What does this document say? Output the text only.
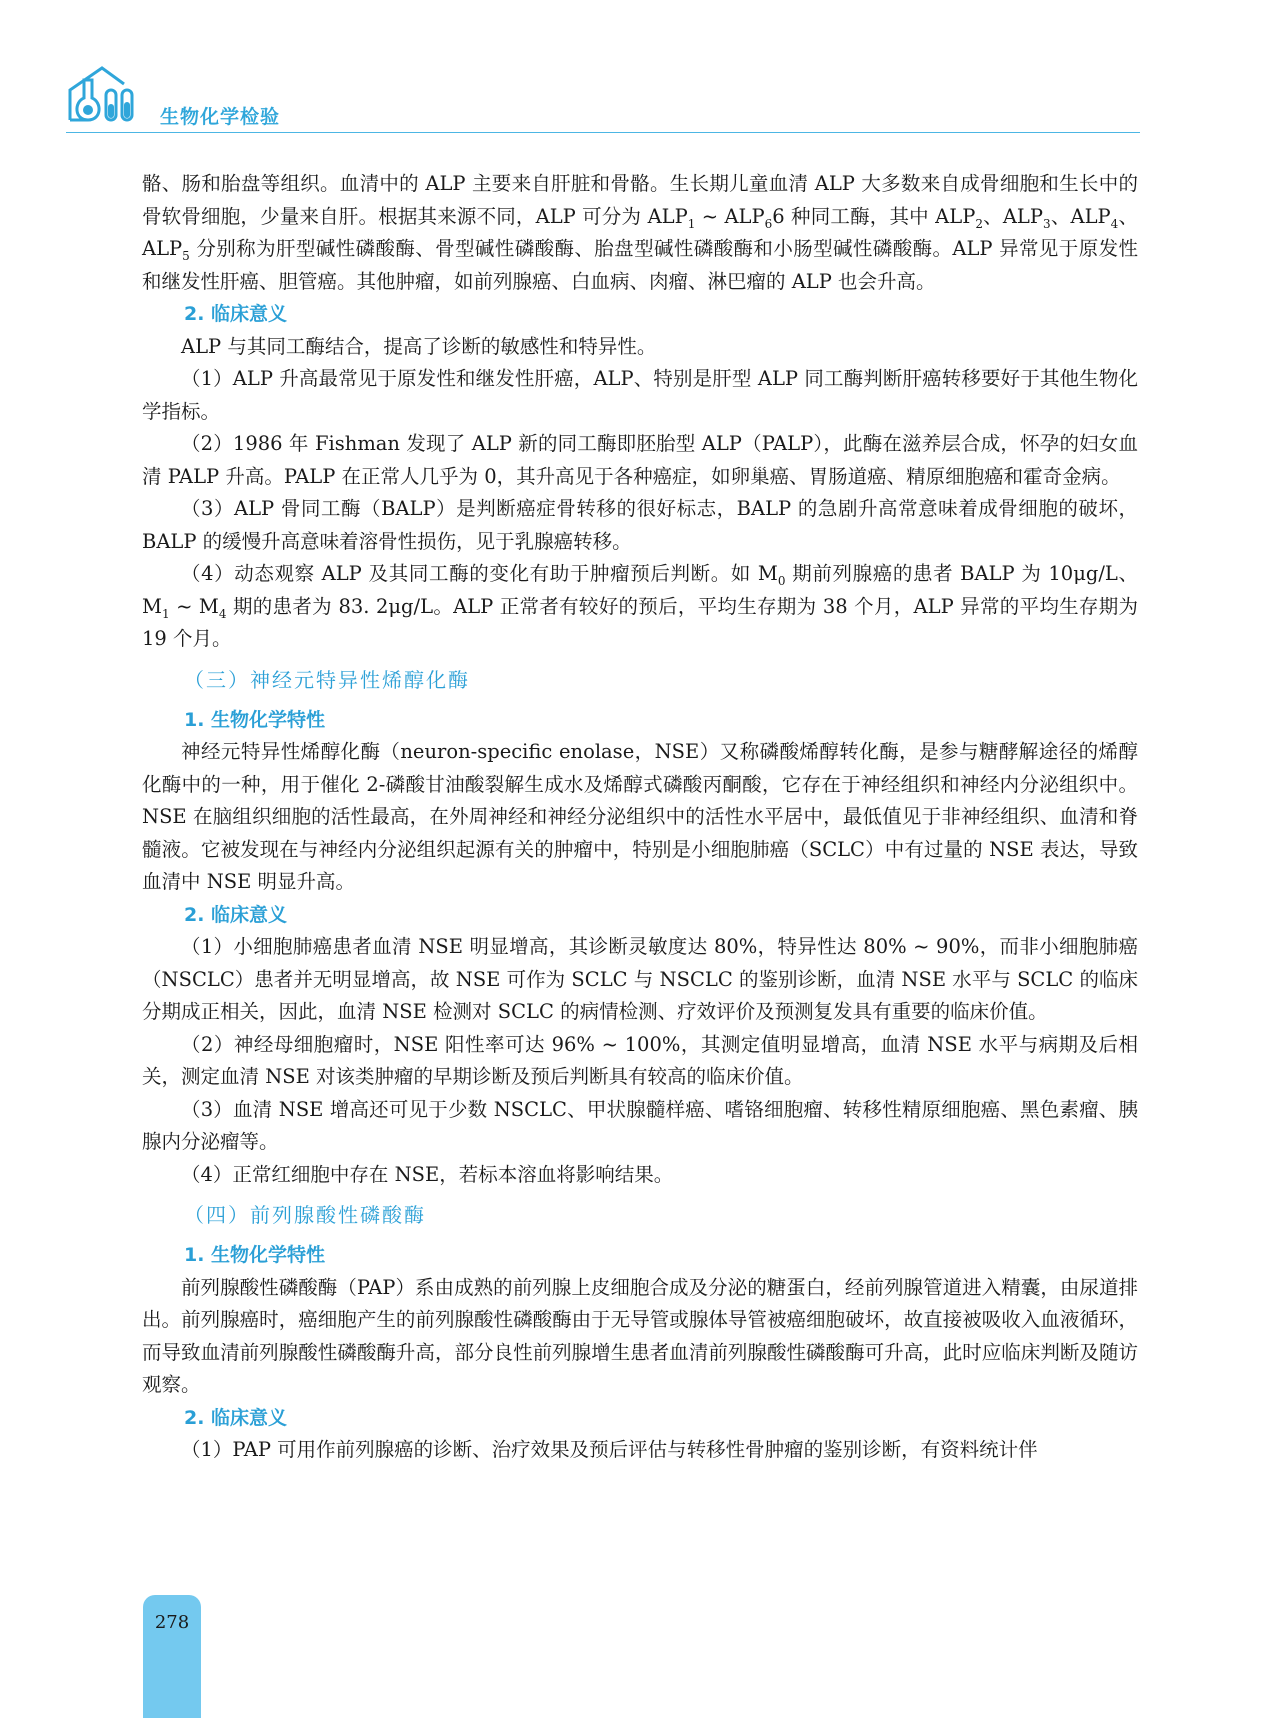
生物化学检验

骼、肠和胎盘等组织。血清中的 ALP 主要来自肝脏和骨骼。生长期儿童血清 ALP 大多数来自成骨细胞和生长中的骨软骨细胞，少量来自肝。根据其来源不同，ALP 可分为 $ALP_1$ ~ $ALP_66$ 种同工酶，其中 $ALP_2$、$ALP_3$、$ALP_4$、$ALP_5$ 分别称为肝型碱性磷酸酶、骨型碱性磷酸酶、胎盘型碱性磷酸酶和小肠型碱性磷酸酶。ALP 异常见于原发性和继发性肝癌、胆管癌。其他肿瘤，如前列腺癌、白血病、肉瘤、淋巴瘤的 ALP 也会升高。

2. 临床意义

ALP 与其同工酶结合，提高了诊断的敏感性和特异性。

（1）ALP 升高最常见于原发性和继发性肝癌，ALP、特别是肝型 ALP 同工酶判断肝癌转移要好于其他生物化学指标。

（2）1986 年 Fishman 发现了 ALP 新的同工酶即胚胎型 ALP（PALP），此酶在滋养层合成，怀孕的妇女血清 PALP 升高。PALP 在正常人几乎为 0，其升高见于各种癌症，如卵巢癌、胃肠道癌、精原细胞癌和霍奇金病。

（3）ALP 骨同工酶（BALP）是判断癌症骨转移的很好标志，BALP 的急剧升高常意味着成骨细胞的破坏，BALP 的缓慢升高意味着溶骨性损伤，见于乳腺癌转移。

（4）动态观察 ALP 及其同工酶的变化有助于肿瘤预后判断。如 $M_0$ 期前列腺癌的患者 BALP 为 10μg/L、$M_1$ ~ $M_4$ 期的患者为 83. 2μg/L。ALP 正常者有较好的预后，平均生存期为 38 个月，ALP 异常的平均生存期为 19 个月。

（三）神经元特异性烯醇化酶

1. 生物化学特性

神经元特异性烯醇化酶（neuron-specific enolase，NSE）又称磷酸烯醇转化酶，是参与糖酵解途径的烯醇化酶中的一种，用于催化 2-磷酸甘油酸裂解生成水及烯醇式磷酸丙酮酸，它存在于神经组织和神经内分泌组织中。NSE 在脑组织细胞的活性最高，在外周神经和神经分泌组织中的活性水平居中，最低值见于非神经组织、血清和脊髓液。它被发现在与神经内分泌组织起源有关的肿瘤中，特别是小细胞肺癌（SCLC）中有过量的 NSE 表达，导致血清中 NSE 明显升高。

2. 临床意义

（1）小细胞肺癌患者血清 NSE 明显增高，其诊断灵敏度达 80%，特异性达 80% ~ 90%，而非小细胞肺癌（NSCLC）患者并无明显增高，故 NSE 可作为 SCLC 与 NSCLC 的鉴别诊断，血清 NSE 水平与 SCLC 的临床分期成正相关，因此，血清 NSE 检测对 SCLC 的病情检测、疗效评价及预测复发具有重要的临床价值。

（2）神经母细胞瘤时，NSE 阳性率可达 96% ~ 100%，其测定值明显增高，血清 NSE 水平与病期及后相关，测定血清 NSE 对该类肿瘤的早期诊断及预后判断具有较高的临床价值。

（3）血清 NSE 增高还可见于少数 NSCLC、甲状腺髓样癌、嗜铬细胞瘤、转移性精原细胞癌、黑色素瘤、胰腺内分泌瘤等。

（4）正常红细胞中存在 NSE，若标本溶血将影响结果。

（四）前列腺酸性磷酸酶

1. 生物化学特性

前列腺酸性磷酸酶（PAP）系由成熟的前列腺上皮细胞合成及分泌的糖蛋白，经前列腺管道进入精囊，由尿道排出。前列腺癌时，癌细胞产生的前列腺酸性磷酸酶由于无导管或腺体导管被癌细胞破坏，故直接被吸收入血液循环，而导致血清前列腺酸性磷酸酶升高，部分良性前列腺增生患者血清前列腺酸性磷酸酶可升高，此时应临床判断及随访观察。

2. 临床意义

（1）PAP 可用作前列腺癌的诊断、治疗效果及预后评估与转移性骨肿瘤的鉴别诊断，有资料统计伴

278
